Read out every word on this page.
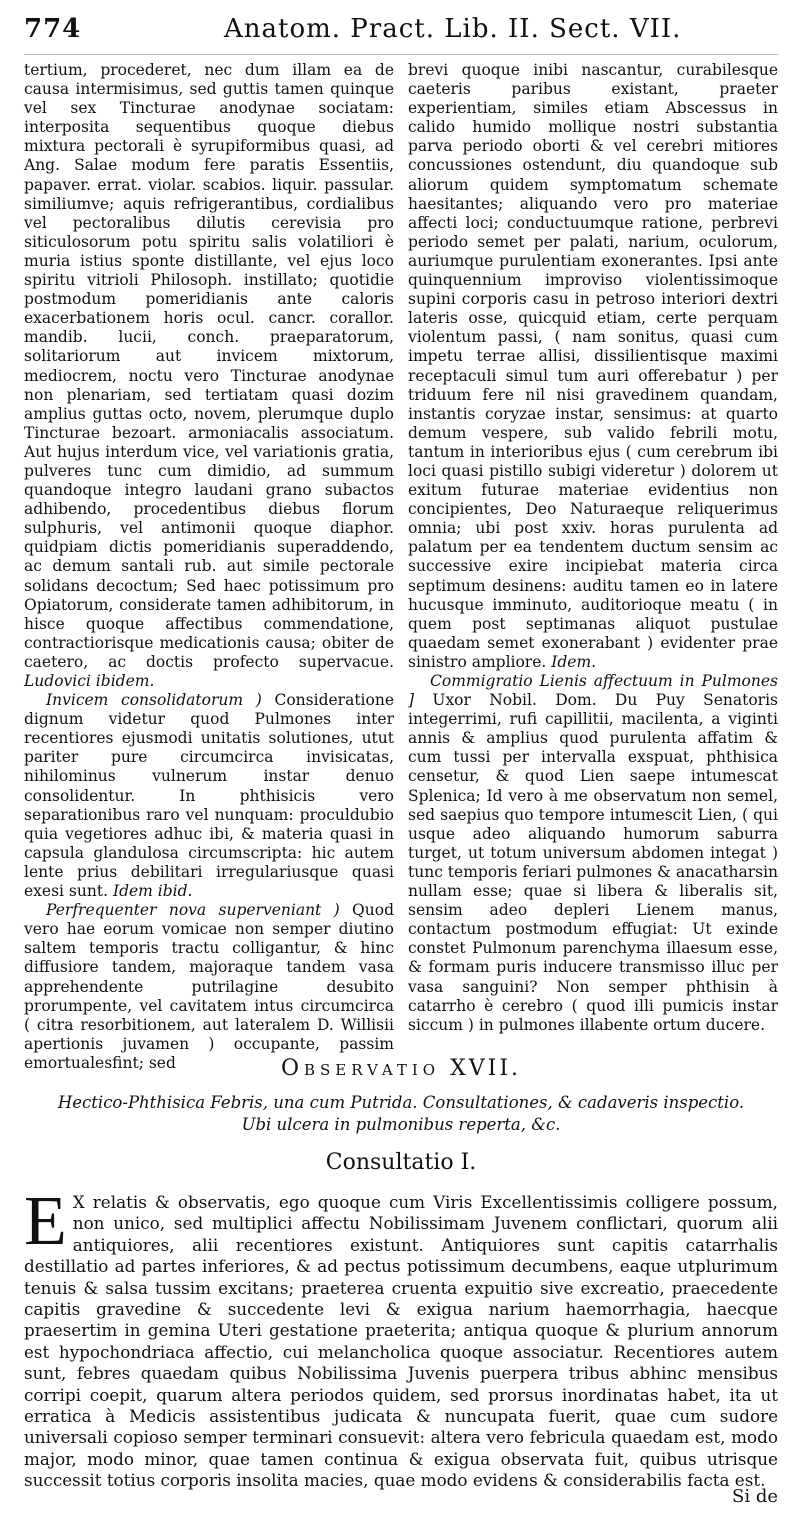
774	Anatom. Pract. Lib. II. Sect. VII.

tertium, procederet, nec dum illam ea de causa intermisimus, sed guttis tamen quinque vel sex Tincturae anodynae sociatam: interposita sequentibus quoque diebus mixtura pectorali è syrupiformibus quasi, ad Ang. Salae modum fere paratis Essentiis, papaver. errat. violar. scabios. liquir. passular. similiumve; aquis refrigerantibus, cordialibus vel pectoralibus dilutis cerevisia pro siticulosorum potu spiritu salis volatiliori è muria istius sponte distillante, vel ejus loco spiritu vitrioli Philosoph. instillato; quotidie postmodum pomeridianis ante caloris exacerbationem horis ocul. cancr. corallor. mandib. lucii, conch. praeparatorum, solitariorum aut invicem mixtorum, mediocrem, noctu vero Tincturae anodynae non plenariam, sed tertiatam quasi dozim amplius guttas octo, novem, plerumque duplo Tincturae bezoart. armoniacalis associatum. Aut hujus interdum vice, vel variationis gratia, pulveres tunc cum dimidio, ad summum quandoque integro laudani grano subactos adhibendo, procedentibus diebus florum sulphuris, vel antimonii quoque diaphor. quidpiam dictis pomeridianis superaddendo, ac demum santali rub. aut simile pectorale solidans decoctum; Sed haec potissimum pro Opiatorum, considerate tamen adhibitorum, in hisce quoque affectibus commendatione, contractiorisque medicationis causa; obiter de caetero, ac doctis profecto supervacue. Ludovici ibidem.

Invicem consolidatorum ) Consideratione dignum videtur quod Pulmones inter recentiores ejusmodi unitatis solutiones, utut pariter pure circumcirca invisicatas, nihilominus vulnerum instar denuo consolidentur. In phthisicis vero separationibus raro vel nunquam: proculdubio quia vegetiores adhuc ibi, & materia quasi in capsula glandulosa circumscripta: hic autem lente prius debilitari irregulariusque quasi exesi sunt. Idem ibid.

Perfrequenter nova superveniant ) Quod vero hae eorum vomicae non semper diutino saltem temporis tractu colligantur, & hinc diffusiore tandem, majoraque tandem vasa apprehendente putrilagine desubito prorumpente, vel cavitatem intus circumcirca ( citra resorbitionem, aut lateralem D. Willisii apertionis juvamen ) occupante, passim emortualesfint; sed

brevi quoque inibi nascantur, curabilesque caeteris paribus existant, praeter experientiam, similes etiam Abscessus in calido humido mollique nostri substantia parva periodo oborti & vel cerebri mitiores concussiones ostendunt, diu quandoque sub aliorum quidem symptomatum schemate haesitantes; aliquando vero pro materiae affecti loci; conductuumque ratione, perbrevi periodo semet per palati, narium, oculorum, auriumque purulentiam exonerantes. Ipsi ante quinquennium improviso violentissimoque supini corporis casu in petroso interiori dextri lateris osse, quicquid etiam, certe perquam violentum passi, ( nam sonitus, quasi cum impetu terrae allisi, dissilientisque maximi receptaculi simul tum auri offerebatur ) per triduum fere nil nisi gravedinem quandam, instantis coryzae instar, sensimus: at quarto demum vespere, sub valido febrili motu, tantum in interioribus ejus ( cum cerebrum ibi loci quasi pistillo subigi videretur ) dolorem ut exitum futurae materiae evidentius non concipientes, Deo Naturaeque reliquerimus omnia; ubi post xxiv. horas purulenta ad palatum per ea tendentem ductum sensim ac successive exire incipiebat materia circa septimum desinens: auditu tamen eo in latere hucusque imminuto, auditorioque meatu ( in quem post septimanas aliquot pustulae quaedam semet exonerabant ) evidenter prae sinistro ampliore. Idem.

Commigratio Lienis affectuum in Pulmones ] Uxor Nobil. Dom. Du Puy Senatoris integerrimi, rufi capillitii, macilenta, a viginti annis & amplius quod purulenta affatim & cum tussi per intervalla exspuat, phthisica censetur, & quod Lien saepe intumescat Splenica; Id vero à me observatum non semel, sed saepius quo tempore intumescit Lien, ( qui usque adeo aliquando humorum saburra turget, ut totum universum abdomen integat ) tunc temporis feriari pulmones & anacatharsin nullam esse; quae si libera & liberalis sit, sensim adeo depleri Lienem manus, contactum postmodum effugiat: Ut exinde constet Pulmonum parenchyma illaesum esse, & formam puris inducere transmisso illuc per vasa sanguini? Non semper phthisin à catarrho è cerebro ( quod illi pumicis instar siccum ) in pulmones illabente ortum ducere.

Observatio XVII.
Hectico-Phthisica Febris, una cum Putrida. Consultationes, & cadaveris inspectio.
Ubi ulcera in pulmonibus reperta, &c.
Consultatio I.
E X relatis & observatis, ego quoque cum Viris Excellentissimis colligere possum, non unico, sed multiplici affectu Nobilissimam Juvenem conflictari, quorum alii antiquiores, alii recentiores existunt. Antiquiores sunt capitis catarrhalis destillatio ad partes inferiores, & ad pectus potissimum decumbens, eaque utplurimum tenuis & salsa tussim excitans; praeterea cruenta expuitio sive excreatio, praecedente capitis gravedine & succedente levi & exigua narium haemorrhagia, haecque praesertim in gemina Uteri gestatione praeterita; antiqua quoque & plurium annorum est hypochondriaca affectio, cui melancholica quoque associatur. Recentiores autem sunt, febres quaedam quibus Nobilissima Juvenis puerpera tribus abhinc mensibus corripi coepit, quarum altera periodos quidem, sed prorsus inordinatas habet, ita ut erratica à Medicis assistentibus judicata & nuncupata fuerit, quae cum sudore universali copioso semper terminari consuevit: altera vero febricula quaedam est, modo major, modo minor, quae tamen continua & exigua observata fuit, quibus utrisque successit totius corporis insolita macies, quae modo evidens & considerabilis facta est.
Si de
